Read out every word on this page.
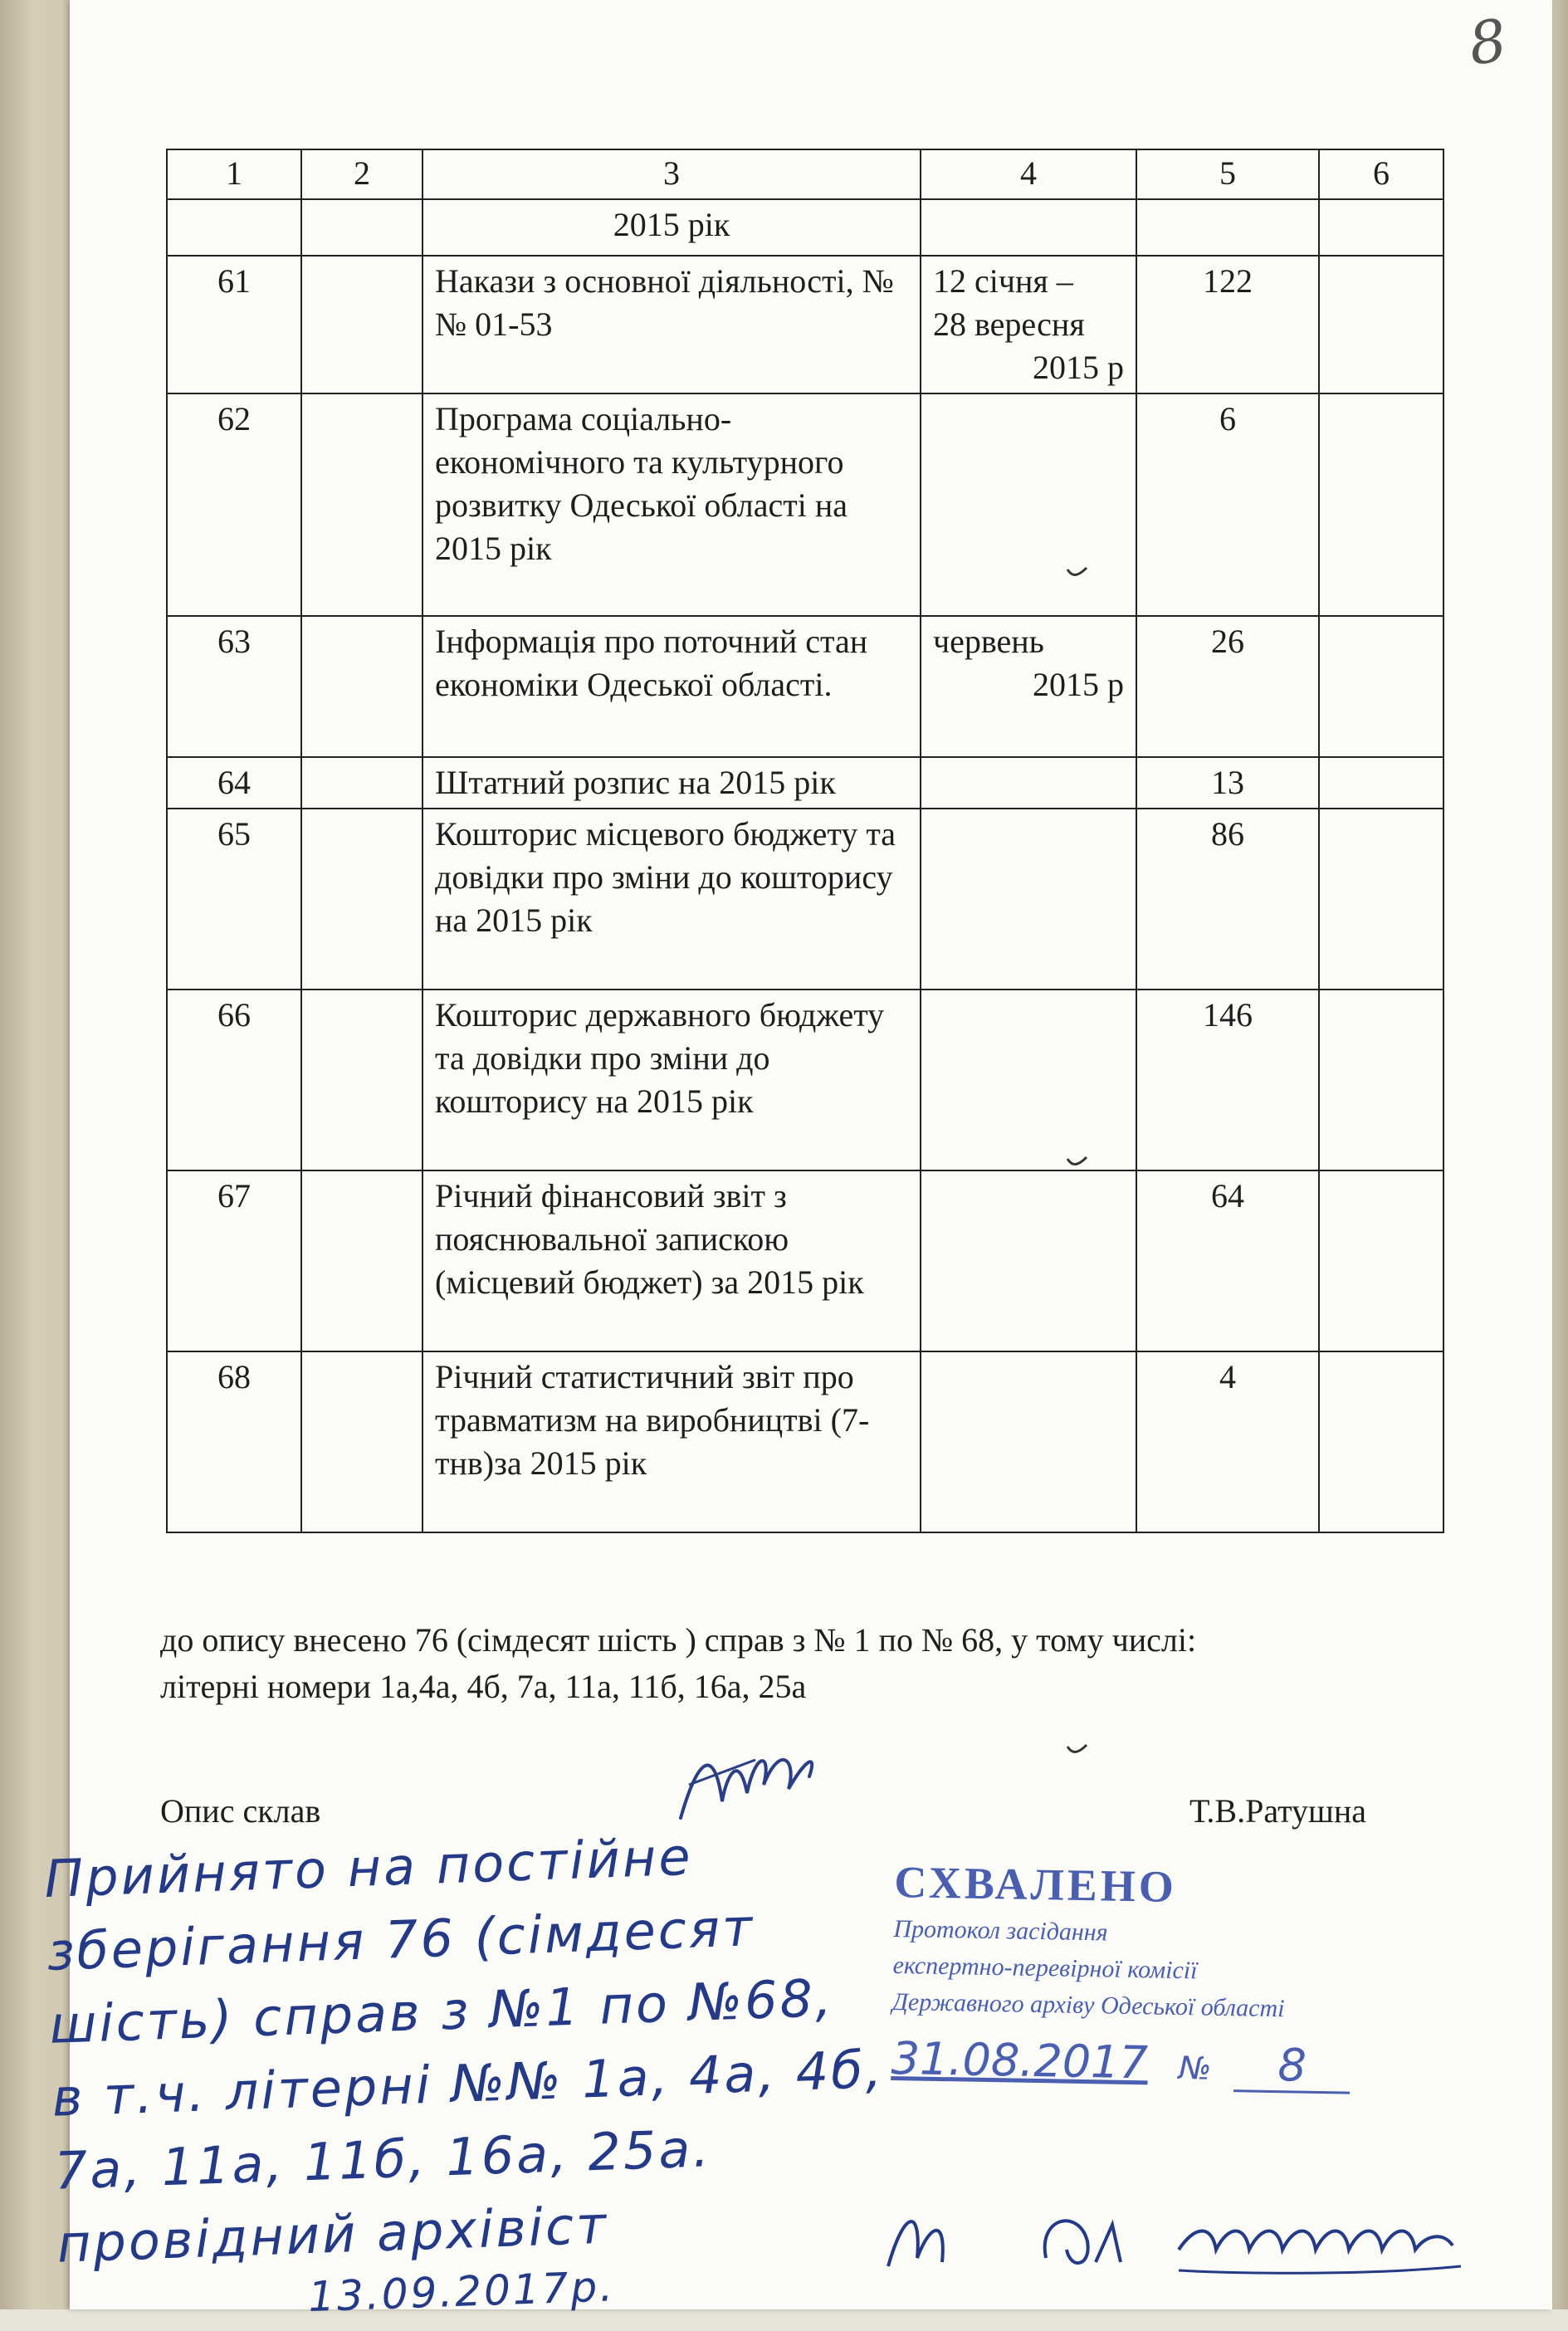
8
1	2	3	4	5	6
		2015 рік			
61		Накази з основної діяльності, №№ 01-53	12 січня –
28 вересня
2015 р	122	
62		Програма соціально-економічного та культурного розвитку Одеської області на 2015 рік		6	
63		Інформація про поточний стан економіки Одеської області.	червень
2015 р	26	
64		Штатний розпис на 2015 рік		13	
65		Кошторис місцевого бюджету та довідки про зміни до кошторису на 2015 рік		86	
66		Кошторис державного бюджету та довідки про зміни до кошторису на 2015 рік		146	
67		Річний фінансовий звіт з пояснювальної запискою (місцевий бюджет) за 2015 рік		64	
68		Річний статистичний звіт про травматизм на виробництві (7-тнв)за 2015 рік		4	
до опису внесено 76 (сімдесят шість ) справ з № 1 по № 68, у тому числі:
літерні номери 1а,4а, 4б, 7а, 11а, 11б, 16а, 25а
Опис склав	Т.В.Ратушна
Прийнято на постійне
зберігання 76 (сімдесят
шість) справ з №1 по №68,
в т.ч. літерні №№ 1а, 4а, 4б,
7а, 11а, 11б, 16а, 25а.
провідний архівіст
13.09.2017р.
СХВАЛЕНО
Протокол засідання
експертно-перевірної комісії
Державного архіву Одеської області
31.08.2017 № 8
